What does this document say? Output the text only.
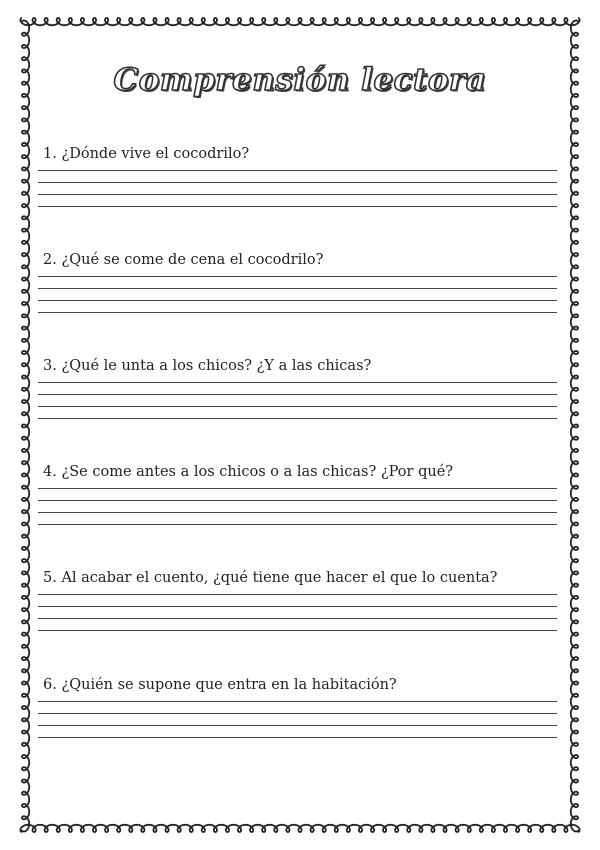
Comprensión lectora
1. ¿Dónde vive el cocodrilo?
2. ¿Qué se come de cena el cocodrilo?
3. ¿Qué le unta a los chicos? ¿Y a las chicas?
4. ¿Se come antes a los chicos o a las chicas? ¿Por qué?
5. Al acabar el cuento, ¿qué tiene que hacer el que lo cuenta?
6. ¿Quién se supone que entra en la habitación?
